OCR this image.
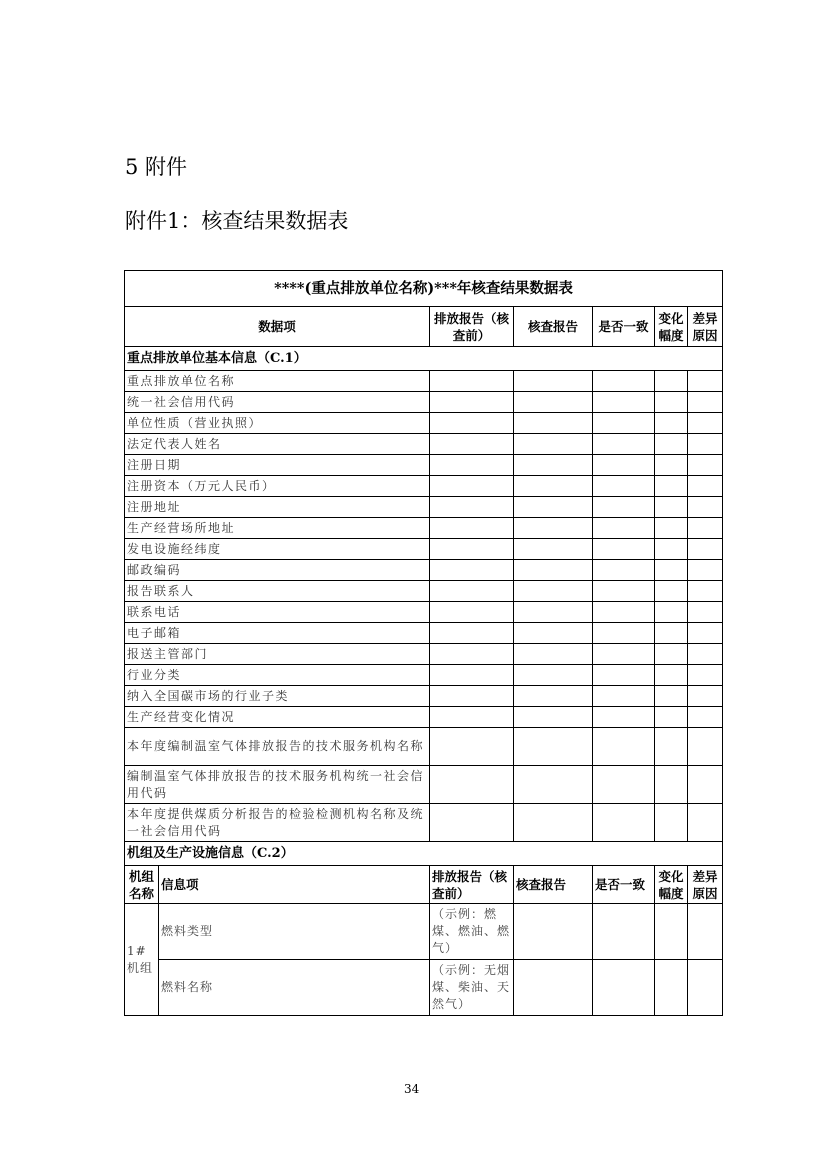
5 附件
附件1：核查结果数据表
****(重点排放单位名称)***年核查结果数据表						
数据项		排放报告（核查前）	核查报告	是否一致	变化幅度	差异原因
重点排放单位基本信息（C.1）						
重点排放单位名称						
统一社会信用代码						
单位性质（营业执照）						
法定代表人姓名						
注册日期						
注册资本（万元人民币）						
注册地址						
生产经营场所地址						
发电设施经纬度						
邮政编码						
报告联系人						
联系电话						
电子邮箱						
报送主管部门						
行业分类						
纳入全国碳市场的行业子类						
生产经营变化情况						
本年度编制温室气体排放报告的技术服务机构名称						
编制温室气体排放报告的技术服务机构统一社会信用代码						
本年度提供煤质分析报告的检验检测机构名称及统一社会信用代码						
机组及生产设施信息（C.2）						
机组名称	信息项	排放报告（核查前）	核查报告	是否一致	变化幅度	差异原因
1#机组	燃料类型	（示例：燃煤、燃油、燃气）				
	燃料名称	（示例：无烟煤、柴油、天然气）				
34
